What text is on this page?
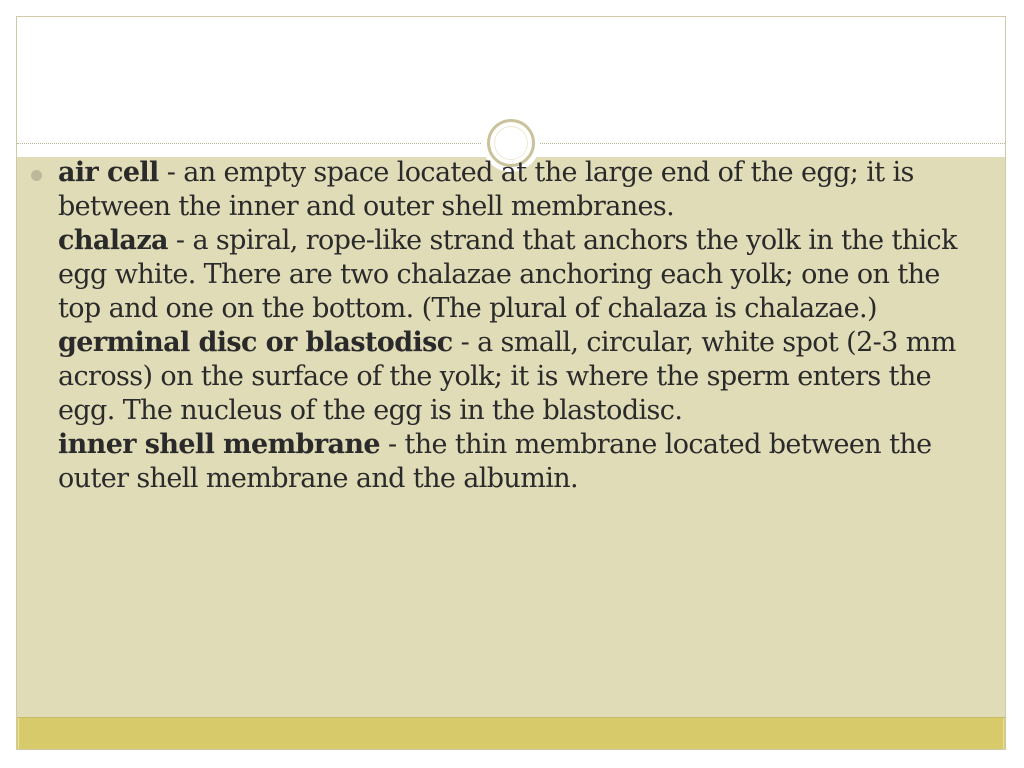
air cell - an empty space located at the large end of the egg; it is between the inner and outer shell membranes.
chalaza - a spiral, rope-like strand that anchors the yolk in the thick egg white. There are two chalazae anchoring each yolk; one on the top and one on the bottom. (The plural of chalaza is chalazae.)
germinal disc or blastodisc - a small, circular, white spot (2-3 mm across) on the surface of the yolk; it is where the sperm enters the egg. The nucleus of the egg is in the blastodisc.
inner shell membrane - the thin membrane located between the outer shell membrane and the albumin.
